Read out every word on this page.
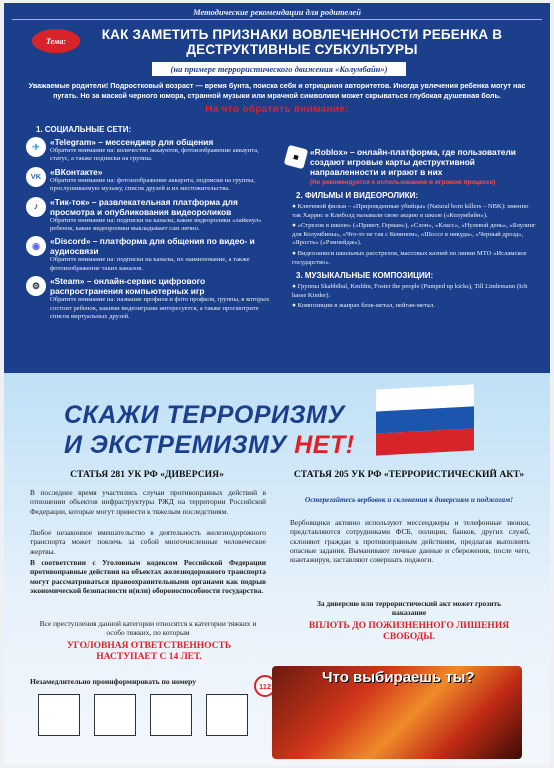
Методические рекомендации для родителей
Тема:	КАК ЗАМЕТИТЬ ПРИЗНАКИ ВОВЛЕЧЕННОСТИ РЕБЕНКА В ДЕСТРУКТИВНЫЕ СУБКУЛЬТУРЫ
(на примере террористического движения «Колумбайн»)
Уважаемые родители! Подростковый возраст — время бунта, поиска себя и отрицания авторитетов. Иногда увлечения ребенка могут нас пугать. Но за маской черного юмора, странной музыки или мрачной символики может скрываться глубокая душевная боль.
На что обратить внимание:
1. СОЦИАЛЬНЫЕ СЕТИ:
✈	«Telegram» – мессенджер для общения
Обратите внимание на: количество аккаунтов, фотоизображение аккаунта, статус, а также подписки на группы.
VK	«ВКонтакте»
Обратите внимание на: фотоизображение аккаунта, подписки на группы, прослушиваемую музыку, список друзей и их местожительства.
♪	«Тик-ток» – развлекательная платформа для просмотра и опубликования видеороликов
Обратите внимание на: подписки на каналы, какие видеоролики «лайкнул» ребенок, какие видеоролики выкладывает сам лично.
◉	«Discord» – платформа для общения по видео- и аудиосвязи
Обратите внимание на: подписки на каналы, их наименование, а также фотоизображение таких каналов.
⚙	«Steam» – онлайн-сервис цифрового распространения компьютерных игр
Обратите внимание на: название профиля и фото профиля, группы, в которых состоит ребенок, какими видеоиграми интересуется, а также просмотрите список виртуальных друзей.
■	«Roblox» – онлайн-платформа, где пользователи создают игровые карты деструктивной направленности и играют в них
(Не рекомендуется к использованию в игровом процессе)
2. ФИЛЬМЫ И ВИДЕОРОЛИКИ:
● Ключевой фильм – «Прирожденные убийцы» (Natural born killers – NBK): именно так Харрис и Клиболд называли свою акцию в школе («Колумбайн»).
● «Стрелок в школе» («Привет, Герман»), «Слон», «Класс», «Нулевой день», «Боулинг для Колумбины», «Что-то не так с Кевином», «Шоссе в никуда», «Черный дрозд», «Ярость» («Рэмпейдж»).
● Видеозаписи школьных расстрелов, массовых казней по линии МТО «Исламское государство».
3. МУЗЫКАЛЬНЫЕ КОМПОЗИЦИИ:
● Группы Skabbibal, Kmfdm, Foster the people (Pumped up kicks), Till Lindemann (Ich hasse Kinder).
● Композиции в жанрах блэк-метал, пейган-метал.
СКАЖИ ТЕРРОРИЗМУ
И ЭКСТРЕМИЗМУ НЕТ!
СТАТЬЯ 281 УК РФ «ДИВЕРСИЯ»
В последнее время участились случаи противоправных действий в отношении объектов инфраструктуры РЖД на территории Российской Федерации, которые могут привести к тяжелым последствиям.
Любое незаконное вмешательство в деятельность железнодорожного транспорта может повлечь за собой многочисленные человеческие жертвы.
В соответствии с Уголовным кодексом Российской Федерации противоправные действия на объектах железнодорожного транспорта могут рассматриваться правоохранительными органами как подрыв экономической безопасности и(или) обороноспособности государства.
Все преступления данной категории относятся к категории тяжких и особо тяжких, по которым
УГОЛОВНАЯ ОТВЕТСТВЕННОСТЬ НАСТУПАЕТ С 14 ЛЕТ.
Незамедлительно проинформировать по номеру
СТАТЬЯ 205 УК РФ «ТЕРРОРИСТИЧЕСКИЙ АКТ»
Остерегайтесь вербовок и склонения к диверсиям и поджогам!
Вербовщики активно используют мессенджеры и телефонные звонки, представляются сотрудниками ФСБ, полиции, банков, других служб, склоняют граждан к противоправным действиям, предлагая выполнять опасные задания. Выманивают личные данные и сбережения, после чего, шантажируя, заставляют совершать поджоги.
За диверсию или террористический акт может грозить наказание
ВПЛОТЬ ДО ПОЖИЗНЕННОГО ЛИШЕНИЯ СВОБОДЫ.
112	Что выбираешь ты?
